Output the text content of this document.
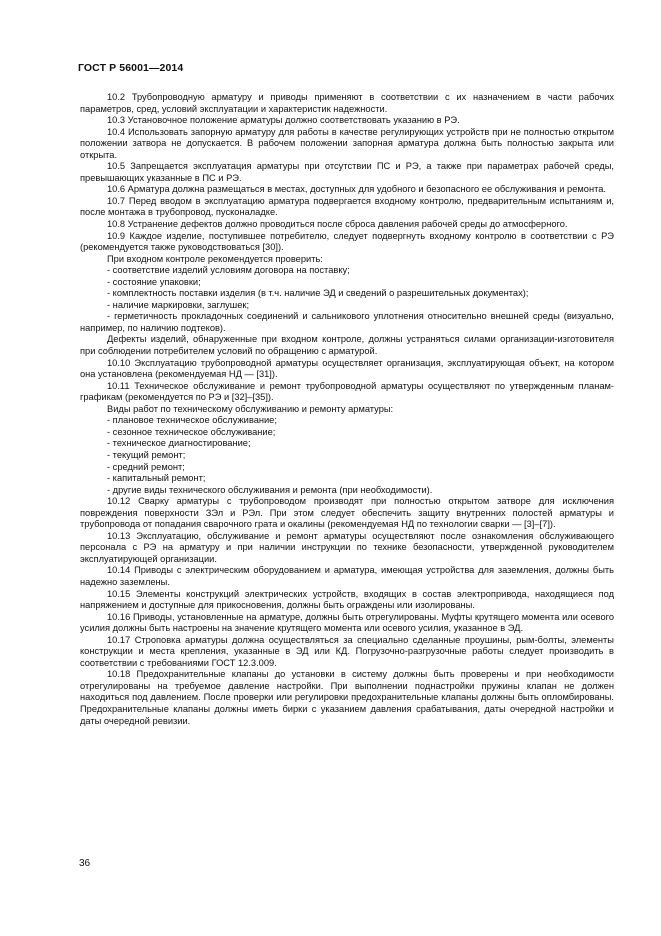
ГОСТ Р 56001—2014

10.2 Трубопроводную арматуру и приводы применяют в соответствии с их назначением в части рабочих параметров, сред, условий эксплуатации и характеристик надежности.

10.3 Установочное положение арматуры должно соответствовать указанию в РЭ.

10.4 Использовать запорную арматуру для работы в качестве регулирующих устройств при не полностью открытом положении затвора не допускается. В рабочем положении запорная арматура должна быть полностью закрыта или открыта.

10.5 Запрещается эксплуатация арматуры при отсутствии ПС и РЭ, а также при параметрах рабочей среды, превышающих указанные в ПС и РЭ.

10.6 Арматура должна размещаться в местах, доступных для удобного и безопасного ее обслуживания и ремонта.

10.7 Перед вводом в эксплуатацию арматура подвергается входному контролю, предварительным испытаниям и, после монтажа в трубопровод, пусконаладке.

10.8 Устранение дефектов должно проводиться после сброса давления рабочей среды до атмосферного.

10.9 Каждое изделие, поступившее потребителю, следует подвергнуть входному контролю в соответствии с РЭ (рекомендуется также руководствоваться [30]).

При входном контроле рекомендуется проверить:

- соответствие изделий условиям договора на поставку;

- состояние упаковки;

- комплектность поставки изделия (в т.ч. наличие ЭД и сведений о разрешительных документах);

- наличие маркировки, заглушек;

- герметичность прокладочных соединений и сальникового уплотнения относительно внешней среды (визуально, например, по наличию подтеков).

Дефекты изделий, обнаруженные при входном контроле, должны устраняться силами организации-изготовителя при соблюдении потребителем условий по обращению с арматурой.

10.10 Эксплуатацию трубопроводной арматуры осуществляет организация, эксплуатирующая объект, на котором она установлена (рекомендуемая НД — [31]).

10.11 Техническое обслуживание и ремонт трубопроводной арматуры осуществляют по утвержденным планам-графикам (рекомендуется по РЭ и [32]–[35]).

Виды работ по техническому обслуживанию и ремонту арматуры:

- плановое техническое обслуживание;

- сезонное техническое обслуживание;

- техническое диагностирование;

- текущий ремонт;

- средний ремонт;

- капитальный ремонт;

- другие виды технического обслуживания и ремонта (при необходимости).

10.12 Сварку арматуры с трубопроводом производят при полностью открытом затворе для исключения повреждения поверхности ЗЭл и РЭл. При этом следует обеспечить защиту внутренних полостей арматуры и трубопровода от попадания сварочного грата и окалины (рекомендуемая НД по технологии сварки — [3]–[7]).

10.13 Эксплуатацию, обслуживание и ремонт арматуры осуществляют после ознакомления обслуживающего персонала с РЭ на арматуру и при наличии инструкции по технике безопасности, утвержденной руководителем эксплуатирующей организации.

10.14 Приводы с электрическим оборудованием и арматура, имеющая устройства для заземления, должны быть надежно заземлены.

10.15 Элементы конструкций электрических устройств, входящих в состав электропривода, находящиеся под напряжением и доступные для прикосновения, должны быть ограждены или изолированы.

10.16 Приводы, установленные на арматуре, должны быть отрегулированы. Муфты крутящего момента или осевого усилия должны быть настроены на значение крутящего момента или осевого усилия, указанное в ЭД.

10.17 Строповка арматуры должна осуществляться за специально сделанные проушины, рым-болты, элементы конструкции и места крепления, указанные в ЭД или КД. Погрузочно-разгрузочные работы следует производить в соответствии с требованиями ГОСТ 12.3.009.

10.18 Предохранительные клапаны до установки в систему должны быть проверены и при необходимости отрегулированы на требуемое давление настройки. При выполнении поднастройки пружины клапан не должен находиться под давлением. После проверки или регулировки предохранительные клапаны должны быть опломбированы. Предохранительные клапаны должны иметь бирки с указанием давления срабатывания, даты очередной настройки и даты очередной ревизии.

36
